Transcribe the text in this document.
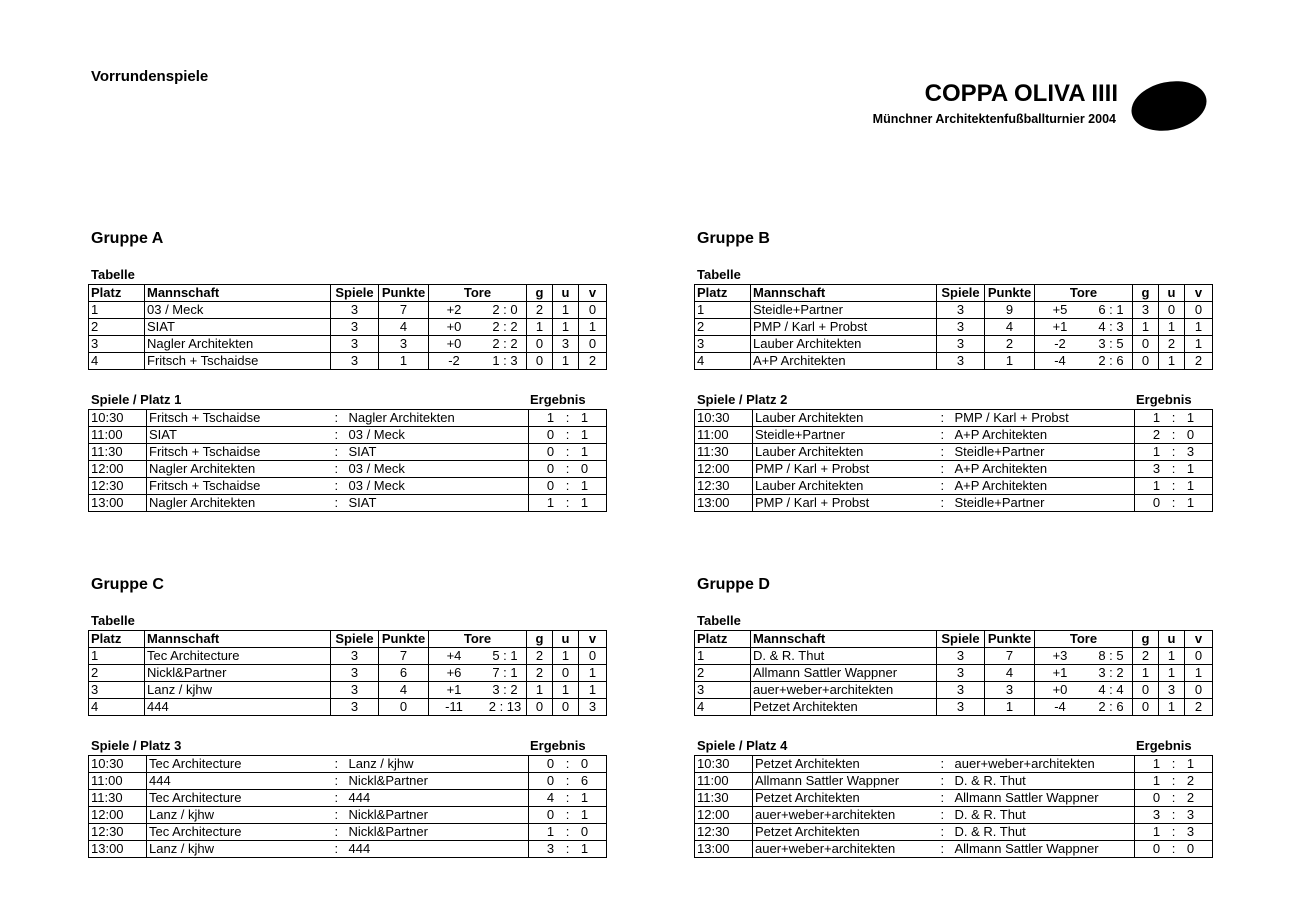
Vorrundenspiele
COPPA OLIVA IIII
Münchner Architektenfußballturnier 2004
Gruppe A
Tabelle
Platz	Mannschaft	Spiele	Punkte	Tore	g	u	v
1	03 / Meck	3	7	+2 2 : 0	2	1	0
2	SIAT	3	4	+0 2 : 2	1	1	1
3	Nagler Architekten	3	3	+0 2 : 2	0	3	0
4	Fritsch + Tschaidse	3	1	-2 1 : 3	0	1	2
Spiele / Platz 1	Ergebnis
10:30	Fritsch + Tschaidse	: Nagler Architekten	1 : 1
11:00	SIAT	: 03 / Meck	0 : 1
11:30	Fritsch + Tschaidse	: SIAT	0 : 1
12:00	Nagler Architekten	: 03 / Meck	0 : 0
12:30	Fritsch + Tschaidse	: 03 / Meck	0 : 1
13:00	Nagler Architekten	: SIAT	1 : 1
Gruppe B
Tabelle
Platz	Mannschaft	Spiele	Punkte	Tore	g	u	v
1	Steidle+Partner	3	9	+5 6 : 1	3	0	0
2	PMP / Karl + Probst	3	4	+1 4 : 3	1	1	1
3	Lauber Architekten	3	2	-2 3 : 5	0	2	1
4	A+P Architekten	3	1	-4 2 : 6	0	1	2
Spiele / Platz 2	Ergebnis
10:30	Lauber Architekten	: PMP / Karl + Probst	1 : 1
11:00	Steidle+Partner	: A+P Architekten	2 : 0
11:30	Lauber Architekten	: Steidle+Partner	1 : 3
12:00	PMP / Karl + Probst	: A+P Architekten	3 : 1
12:30	Lauber Architekten	: A+P Architekten	1 : 1
13:00	PMP / Karl + Probst	: Steidle+Partner	0 : 1
Gruppe C
Tabelle
Platz	Mannschaft	Spiele	Punkte	Tore	g	u	v
1	Tec Architecture	3	7	+4 5 : 1	2	1	0
2	Nickl&Partner	3	6	+6 7 : 1	2	0	1
3	Lanz / kjhw	3	4	+1 3 : 2	1	1	1
4	444	3	0	-11 2 : 13	0	0	3
Spiele / Platz 3	Ergebnis
10:30	Tec Architecture	: Lanz / kjhw	0 : 0
11:00	444	: Nickl&Partner	0 : 6
11:30	Tec Architecture	: 444	4 : 1
12:00	Lanz / kjhw	: Nickl&Partner	0 : 1
12:30	Tec Architecture	: Nickl&Partner	1 : 0
13:00	Lanz / kjhw	: 444	3 : 1
Gruppe D
Tabelle
Platz	Mannschaft	Spiele	Punkte	Tore	g	u	v
1	D. & R. Thut	3	7	+3 8 : 5	2	1	0
2	Allmann Sattler Wappner	3	4	+1 3 : 2	1	1	1
3	auer+weber+architekten	3	3	+0 4 : 4	0	3	0
4	Petzet Architekten	3	1	-4 2 : 6	0	1	2
Spiele / Platz 4	Ergebnis
10:30	Petzet Architekten	: auer+weber+architekten	1 : 1
11:00	Allmann Sattler Wappner	: D. & R. Thut	1 : 2
11:30	Petzet Architekten	: Allmann Sattler Wappner	0 : 2
12:00	auer+weber+architekten	: D. & R. Thut	3 : 3
12:30	Petzet Architekten	: D. & R. Thut	1 : 3
13:00	auer+weber+architekten	: Allmann Sattler Wappner	0 : 0
